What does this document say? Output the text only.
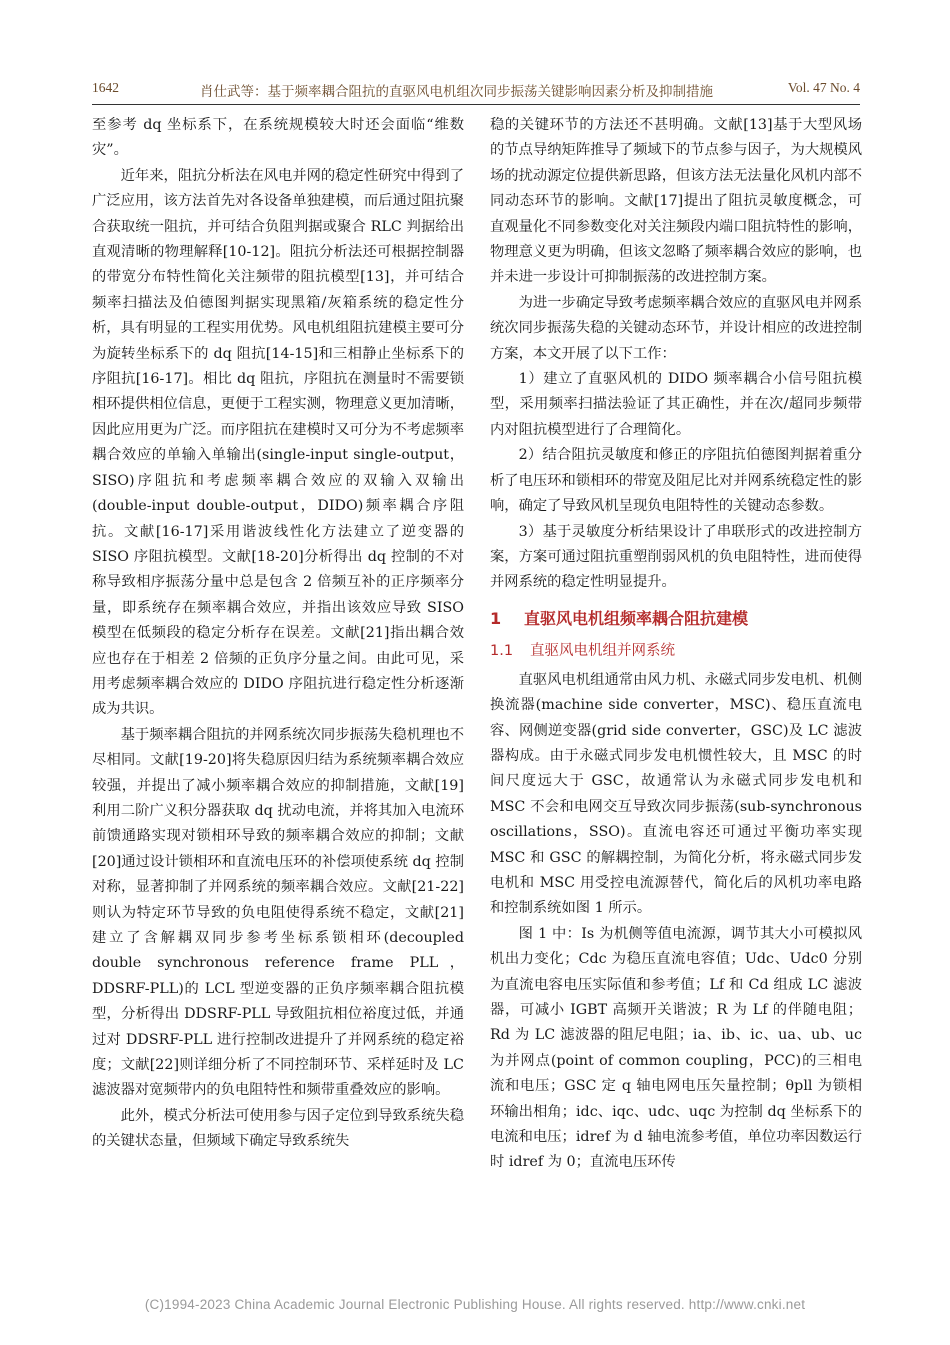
1642	肖仕武等：基于频率耦合阻抗的直驱风电机组次同步振荡关键影响因素分析及抑制措施	Vol. 47 No. 4

至参考 dq 坐标系下，在系统规模较大时还会面临“维数灾”。

近年来，阻抗分析法在风电并网的稳定性研究中得到了广泛应用，该方法首先对各设备单独建模，而后通过阻抗聚合获取统一阻抗，并可结合负阻判据或聚合 RLC 判据给出直观清晰的物理解释[10-12]。阻抗分析法还可根据控制器的带宽分布特性简化关注频带的阻抗模型[13]，并可结合频率扫描法及伯德图判据实现黑箱/灰箱系统的稳定性分析，具有明显的工程实用优势。风电机组阻抗建模主要可分为旋转坐标系下的 dq 阻抗[14-15]和三相静止坐标系下的序阻抗[16-17]。相比 dq 阻抗，序阻抗在测量时不需要锁相环提供相位信息，更便于工程实测，物理意义更加清晰，因此应用更为广泛。而序阻抗在建模时又可分为不考虑频率耦合效应的单输入单输出(single-input single-output，SISO)序阻抗和考虑频率耦合效应的双输入双输出(double-input double-output，DIDO)频率耦合序阻抗。文献[16-17]采用谐波线性化方法建立了逆变器的 SISO 序阻抗模型。文献[18-20]分析得出 dq 控制的不对称导致相序振荡分量中总是包含 2 倍频互补的正序频率分量，即系统存在频率耦合效应，并指出该效应导致 SISO 模型在低频段的稳定分析存在误差。文献[21]指出耦合效应也存在于相差 2 倍频的正负序分量之间。由此可见，采用考虑频率耦合效应的 DIDO 序阻抗进行稳定性分析逐渐成为共识。

基于频率耦合阻抗的并网系统次同步振荡失稳机理也不尽相同。文献[19-20]将失稳原因归结为系统频率耦合效应较强，并提出了减小频率耦合效应的抑制措施，文献[19]利用二阶广义积分器获取 dq 扰动电流，并将其加入电流环前馈通路实现对锁相环导致的频率耦合效应的抑制；文献[20]通过设计锁相环和直流电压环的补偿项使系统 dq 控制对称，显著抑制了并网系统的频率耦合效应。文献[21-22]则认为特定环节导致的负电阻使得系统不稳定，文献[21]建立了含解耦双同步参考坐标系锁相环(decoupled double synchronous reference frame PLL，DDSRF-PLL)的 LCL 型逆变器的正负序频率耦合阻抗模型，分析得出 DDSRF-PLL 导致阻抗相位裕度过低，并通过对 DDSRF-PLL 进行控制改进提升了并网系统的稳定裕度；文献[22]则详细分析了不同控制环节、采样延时及 LC 滤波器对宽频带内的负电阻特性和频带重叠效应的影响。

此外，模式分析法可使用参与因子定位到导致系统失稳的关键状态量，但频域下确定导致系统失

稳的关键环节的方法还不甚明确。文献[13]基于大型风场的节点导纳矩阵推导了频域下的节点参与因子，为大规模风场的扰动源定位提供新思路，但该方法无法量化风机内部不同动态环节的影响。文献[17]提出了阻抗灵敏度概念，可直观量化不同参数变化对关注频段内端口阻抗特性的影响，物理意义更为明确，但该文忽略了频率耦合效应的影响，也并未进一步设计可抑制振荡的改进控制方案。

为进一步确定导致考虑频率耦合效应的直驱风电并网系统次同步振荡失稳的关键动态环节，并设计相应的改进控制方案，本文开展了以下工作：

1）建立了直驱风机的 DIDO 频率耦合小信号阻抗模型，采用频率扫描法验证了其正确性，并在次/超同步频带内对阻抗模型进行了合理简化。

2）结合阻抗灵敏度和修正的序阻抗伯德图判据着重分析了电压环和锁相环的带宽及阻尼比对并网系统稳定性的影响，确定了导致风机呈现负电阻特性的关键动态参数。

3）基于灵敏度分析结果设计了串联形式的改进控制方案，方案可通过阻抗重塑削弱风机的负电阻特性，进而使得并网系统的稳定性明显提升。

1 直驱风电机组频率耦合阻抗建模
1.1 直驱风电机组并网系统

直驱风电机组通常由风力机、永磁式同步发电机、机侧换流器(machine side converter，MSC)、稳压直流电容、网侧逆变器(grid side converter，GSC)及 LC 滤波器构成。由于永磁式同步发电机惯性较大，且 MSC 的时间尺度远大于 GSC，故通常认为永磁式同步发电机和 MSC 不会和电网交互导致次同步振荡(sub-synchronous oscillations，SSO)。直流电容还可通过平衡功率实现 MSC 和 GSC 的解耦控制，为简化分析，将永磁式同步发电机和 MSC 用受控电流源替代，简化后的风机功率电路和控制系统如图 1 所示。

图 1 中：Is 为机侧等值电流源，调节其大小可模拟风机出力变化；Cdc 为稳压直流电容值；Udc、Udc0 分别为直流电容电压实际值和参考值；Lf 和 Cd 组成 LC 滤波器，可减小 IGBT 高频开关谐波；R 为 Lf 的伴随电阻；Rd 为 LC 滤波器的阻尼电阻；ia、ib、ic、ua、ub、uc 为并网点(point of common coupling，PCC)的三相电流和电压；GSC 定 q 轴电网电压矢量控制；θpll 为锁相环输出相角；idc、iqc、udc、uqc 为控制 dq 坐标系下的电流和电压；idref 为 d 轴电流参考值，单位功率因数运行时 idref 为 0；直流电压环传

(C)1994-2023 China Academic Journal Electronic Publishing House. All rights reserved. http://www.cnki.net
